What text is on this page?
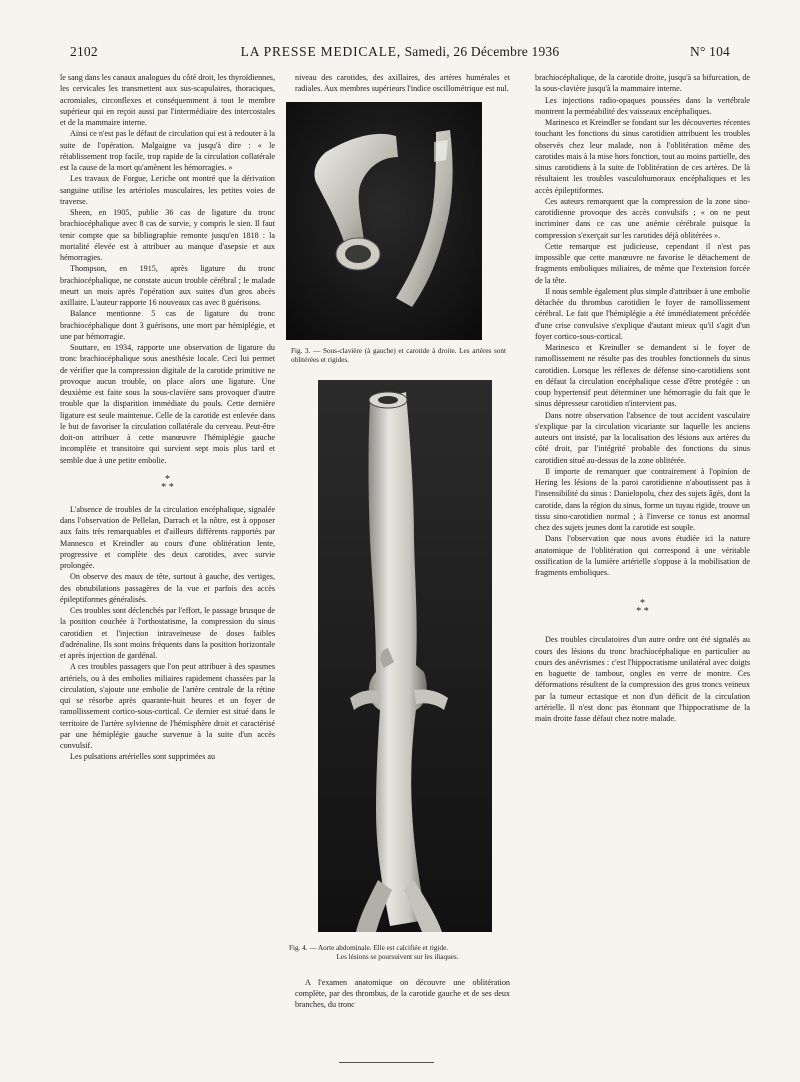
2102	LA PRESSE MEDICALE, Samedi, 26 Décembre 1936	N° 104

le sang dans les canaux analogues du côté droit, les thyroïdiennes, les cervicales les transmettent aux sus-scapulaires, thoraciques, acromiales, circonflexes et conséquemment à tout le membre supérieur qui en reçoit aussi par l'intermédiaire des intercostales et de la mammaire interne.

Ainsi ce n'est pas le défaut de circulation qui est à redouter à la suite de l'opération. Malgaigne va jusqu'à dire : « le rétablissement trop facile, trop rapide de la circulation collatérale est la cause de la mort qu'amènent les hémorragies. »

Les travaux de Forgue, Leriche ont montré que la dérivation sanguine utilise les artérioles musculaires, les petites voies de traverse.

Sheen, en 1905, publie 36 cas de ligature du tronc brachiocéphalique avec 8 cas de survie, y compris le sien. Il faut tenir compte que sa bibliographie remonte jusqu'en 1818 : la mortalité élevée est à attribuer au manque d'asepsie et aux hémorragies.

Thompson, en 1915, après ligature du tronc brachiocéphalique, ne constate aucun trouble cérébral ; le malade meurt un mois après l'opération aux suites d'un gros abcès axillaire. L'auteur rapporte 16 nouveaux cas avec 8 guérisons.

Balance mentionne 5 cas de ligature du tronc brachiocéphalique dont 3 guérisons, une mort par hémiplégie, et une par hémorragie.

Souttare, en 1934, rapporte une observation de ligature du tronc brachiocéphalique sous anesthésie locale. Ceci lui permet de vérifier que la compression digitale de la carotide primitive ne provoque aucun trouble, on place alors une ligature. Une deuxième est faite sous la sous-clavière sans provoquer d'autre trouble que la disparition immédiate du pouls. Cette dernière ligature est seule maintenue. Celle de la carotide est enlevée dans le but de favoriser la circulation collatérale du cerveau. Peut-être doit-on attribuer à cette manœuvre l'hémiplégie gauche incomplète et transitoire qui survient sept mois plus tard et semble due à une petite embolie.

*
* *

L'absence de troubles de la circulation encéphalique, signalée dans l'observation de Pellelan, Darrach et la nôtre, est à opposer aux faits très remarquables et d'ailleurs différents rapportés par Mannesco et Kreindler au cours d'une oblitération lente, progressive et complète des deux carotides, avec survie prolongée.

On observe des maux de tête, surtout à gauche, des vertiges, des obnubilations passagères de la vue et parfois des accès épileptiformes généralisés.

Ces troubles sont déclenchés par l'effort, le passage brusque de la position couchée à l'orthostatisme, la compression du sinus carotidien et l'injection intraveineuse de doses faibles d'adrénaline. Ils sont moins fréquents dans la position horizontale et après injection de gardénal.

A ces troubles passagers que l'on peut attribuer à des spasmes artériels, ou à des embolies miliaires rapidement chassées par la circulation, s'ajoute une embolie de l'artère centrale de la rétine qui se résorbe après quarante-huit heures et un foyer de ramollissement cortico-sous-cortical. Ce dernier est situé dans le territoire de l'artère sylvienne de l'hémisphère droit et caractérisé par une hémiplégie gauche survenue à la suite d'un accès convulsif.

Les pulsations artérielles sont supprimées au

niveau des carotides, des axillaires, des artères humérales et radiales. Aux membres supérieurs l'indice oscillométrique est nul.

Fig. 3. — Sous-clavière (à gauche) et carotide à droite. Les artères sont oblitérées et rigides.
Fig. 4. — Aorte abdominale. Elle est calcifiée et rigide.
Les lésions se poursuivent sur les iliaques.

A l'examen anatomique on découvre une oblitération complète, par des thrombus, de la carotide gauche et de ses deux branches, du tronc

brachiocéphalique, de la carotide droite, jusqu'à sa bifurcation, de la sous-clavière jusqu'à la mammaire interne.

Les injections radio-opaques poussées dans la vertébrale montrent la perméabilité des vaisseaux encéphaliques.

Marinesco et Kreindler se fondant sur les découvertes récentes touchant les fonctions du sinus carotidien attribuent les troubles observés chez leur malade, non à l'oblitération même des carotides mais à la mise hors fonction, tout au moins partielle, des sinus carotidiens à la suite de l'oblitération de ces artères. De là résultaient les troubles vasculohumoraux encéphaliques et les accès épileptiformes.

Ces auteurs remarquent que la compression de la zone sino-carotidienne provoque des accès convulsifs ; « on ne peut incriminer dans ce cas une anémie cérébrale puisque la compression s'exerçait sur les carotides déjà oblitérées ».

Cette remarque est judicieuse, cependant il n'est pas impossible que cette manœuvre ne favorise le détachement de fragments emboliques miliaires, de même que l'extension forcée de la tête.

Il nous semble également plus simple d'attribuer à une embolie détachée du thrombus carotidien le foyer de ramollissement cérébral. Le fait que l'hémiplégie a été immédiatement précédée d'une crise convulsive s'explique d'autant mieux qu'il s'agit d'un foyer cortico-sous-cortical.

Marinesco et Kreindler se demandent si le foyer de ramollissement ne résulte pas des troubles fonctionnels du sinus carotidien. Lorsque les réflexes de défense sino-carotidiens sont en défaut la circulation encéphalique cesse d'être protégée : un coup hypertensif peut déterminer une hémorragie du fait que le sinus dépresseur carotidien n'intervient pas.

Dans notre observation l'absence de tout accident vasculaire s'explique par la circulation vicariante sur laquelle les anciens auteurs ont insisté, par la localisation des lésions aux artères du côté droit, par l'intégrité probable des fonctions du sinus carotidien situé au-dessus de la zone oblitérée.

Il importe de remarquer que contrairement à l'opinion de Hering les lésions de la paroi carotidienne n'aboutissent pas à l'insensibilité du sinus : Danielopolu, chez des sujets âgés, dont la carotide, dans la région du sinus, forme un tuyau rigide, trouve un tissu sino-carotidien normal ; à l'inverse ce tonus est anormal chez des sujets jeunes dont la carotide est souple.

Dans l'observation que nous avons étudiée ici la nature anatomique de l'oblitération qui correspond à une véritable ossification de la lumière artérielle s'oppose à la mobilisation de fragments emboliques.

*
* *

Des troubles circulatoires d'un autre ordre ont été signalés au cours des lésions du tronc brachiocéphalique en particulier au cours des anévrismes : c'est l'hippocratisme unilatéral avec doigts en baguette de tambour, ongles en verre de montre. Ces déformations résultent de la compression des gros troncs veineux par la tumeur ectasique et non d'un déficit de la circulation artérielle. Il n'est donc pas étonnant que l'hippocratisme de la main droite fasse défaut chez notre malade.
